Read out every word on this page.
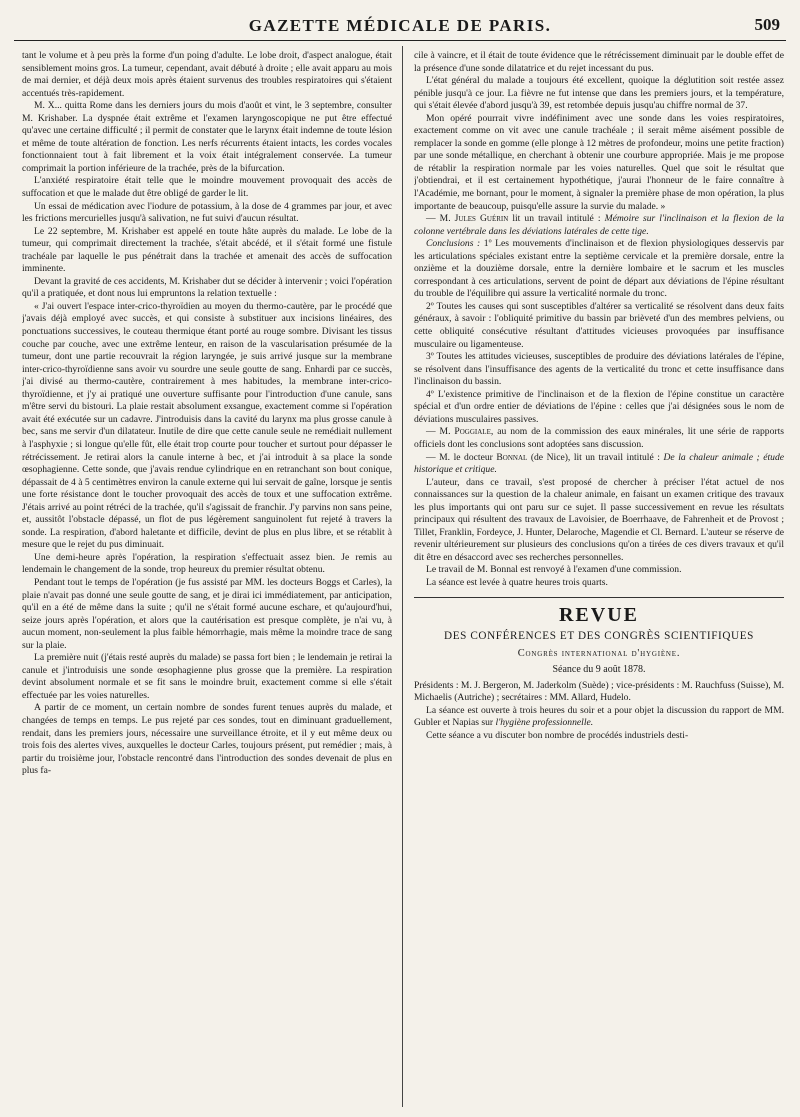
GAZETTE MÉDICALE DE PARIS.	509

tant le volume et à peu près la forme d'un poing d'adulte. Le lobe droit, d'aspect analogue, était sensiblement moins gros. La tumeur, cependant, avait débuté à droite ; elle avait apparu au mois de mai dernier, et déjà deux mois après étaient survenus des troubles respiratoires qui s'étaient accentués très-rapidement.

M. X... quitta Rome dans les derniers jours du mois d'août et vint, le 3 septembre, consulter M. Krishaber. La dyspnée était extrême et l'examen laryngoscopique ne put être effectué qu'avec une certaine difficulté ; il permit de constater que le larynx était indemne de toute lésion et même de toute altération de fonction. Les nerfs récurrents étaient intacts, les cordes vocales fonctionnaient tout à fait librement et la voix était intégralement conservée. La tumeur comprimait la portion inférieure de la trachée, près de la bifurcation.

L'anxiété respiratoire était telle que le moindre mouvement provoquait des accès de suffocation et que le malade dut être obligé de garder le lit.

Un essai de médication avec l'iodure de potassium, à la dose de 4 grammes par jour, et avec les frictions mercurielles jusqu'à salivation, ne fut suivi d'aucun résultat.

Le 22 septembre, M. Krishaber est appelé en toute hâte auprès du malade. Le lobe de la tumeur, qui comprimait directement la trachée, s'était abcédé, et il s'était formé une fistule trachéale par laquelle le pus pénétrait dans la trachée et amenait des accès de suffocation imminente.

Devant la gravité de ces accidents, M. Krishaber dut se décider à intervenir ; voici l'opération qu'il a pratiquée, et dont nous lui empruntons la relation textuelle :

« J'ai ouvert l'espace inter-crico-thyroïdien au moyen du thermo-cautère, par le procédé que j'avais déjà employé avec succès, et qui consiste à substituer aux incisions linéaires, des ponctuations successives, le couteau thermique étant porté au rouge sombre. Divisant les tissus couche par couche, avec une extrême lenteur, en raison de la vascularisation présumée de la tumeur, dont une partie recouvrait la région laryngée, je suis arrivé jusque sur la membrane inter-crico-thyroïdienne sans avoir vu sourdre une seule goutte de sang. Enhardi par ce succès, j'ai divisé au thermo-cautère, contrairement à mes habitudes, la membrane inter-crico-thyroïdienne, et j'y ai pratiqué une ouverture suffisante pour l'introduction d'une canule, sans m'être servi du bistouri. La plaie restait absolument exsangue, exactement comme si l'opération avait été exécutée sur un cadavre. J'introduisis dans la cavité du larynx ma plus grosse canule à bec, sans me servir d'un dilatateur. Inutile de dire que cette canule seule ne remédiait nullement à l'asphyxie ; si longue qu'elle fût, elle était trop courte pour toucher et surtout pour dépasser le rétrécissement. Je retirai alors la canule interne à bec, et j'ai introduit à sa place la sonde œsophagienne. Cette sonde, que j'avais rendue cylindrique en en retranchant son bout conique, dépassait de 4 à 5 centimètres environ la canule externe qui lui servait de gaîne, lorsque je sentis une forte résistance dont le toucher provoquait des accès de toux et une suffocation extrême. J'étais arrivé au point rétréci de la trachée, qu'il s'agissait de franchir. J'y parvins non sans peine, et, aussitôt l'obstacle dépassé, un flot de pus légèrement sanguinolent fut rejeté à travers la sonde. La respiration, d'abord haletante et difficile, devint de plus en plus libre, et se rétablit à mesure que le rejet du pus diminuait.

Une demi-heure après l'opération, la respiration s'effectuait assez bien. Je remis au lendemain le changement de la sonde, trop heureux du premier résultat obtenu.

Pendant tout le temps de l'opération (je fus assisté par MM. les docteurs Boggs et Carles), la plaie n'avait pas donné une seule goutte de sang, et je dirai ici immédiatement, par anticipation, qu'il en a été de même dans la suite ; qu'il ne s'était formé aucune eschare, et qu'aujourd'hui, seize jours après l'opération, et alors que la cautérisation est presque complète, je n'ai vu, à aucun moment, non-seulement la plus faible hémorrhagie, mais même la moindre trace de sang sur la plaie.

La première nuit (j'étais resté auprès du malade) se passa fort bien ; le lendemain je retirai la canule et j'introduisis une sonde œsophagienne plus grosse que la première. La respiration devint absolument normale et se fit sans le moindre bruit, exactement comme si elle s'était effectuée par les voies naturelles.

A partir de ce moment, un certain nombre de sondes furent tenues auprès du malade, et changées de temps en temps. Le pus rejeté par ces sondes, tout en diminuant graduellement, rendait, dans les premiers jours, nécessaire une surveillance étroite, et il y eut même deux ou trois fois des alertes vives, auxquelles le docteur Carles, toujours présent, put remédier ; mais, à partir du troisième jour, l'obstacle rencontré dans l'introduction des sondes devenait de plus en plus fa-

cile à vaincre, et il était de toute évidence que le rétrécissement diminuait par le double effet de la présence d'une sonde dilatatrice et du rejet incessant du pus.

L'état général du malade a toujours été excellent, quoique la déglutition soit restée assez pénible jusqu'à ce jour. La fièvre ne fut intense que dans les premiers jours, et la température, qui s'était élevée d'abord jusqu'à 39, est retombée depuis jusqu'au chiffre normal de 37.

Mon opéré pourrait vivre indéfiniment avec une sonde dans les voies respiratoires, exactement comme on vit avec une canule trachéale ; il serait même aisément possible de remplacer la sonde en gomme (elle plonge à 12 mètres de profondeur, moins une petite fraction) par une sonde métallique, en cherchant à obtenir une courbure appropriée. Mais je me propose de rétablir la respiration normale par les voies naturelles. Quel que soit le résultat que j'obtiendrai, et il est certainement hypothétique, j'aurai l'honneur de le faire connaître à l'Académie, me bornant, pour le moment, à signaler la première phase de mon opération, la plus importante de beaucoup, puisqu'elle assure la survie du malade. »

— M. Jules Guérin lit un travail intitulé : Mémoire sur l'inclinaison et la flexion de la colonne vertébrale dans les déviations latérales de cette tige.

Conclusions : 1º Les mouvements d'inclinaison et de flexion physiologiques desservis par les articulations spéciales existant entre la septième cervicale et la première dorsale, entre la onzième et la douzième dorsale, entre la dernière lombaire et le sacrum et les muscles correspondant à ces articulations, servent de point de départ aux déviations de l'épine résultant du trouble de l'équilibre qui assure la verticalité normale du tronc.

2º Toutes les causes qui sont susceptibles d'altérer sa verticalité se résolvent dans deux faits généraux, à savoir : l'obliquité primitive du bassin par brièveté d'un des membres pelviens, ou cette obliquité consécutive résultant d'attitudes vicieuses provoquées par insuffisance musculaire ou ligamenteuse.

3º Toutes les attitudes vicieuses, susceptibles de produire des déviations latérales de l'épine, se résolvent dans l'insuffisance des agents de la verticalité du tronc et cette insuffisance dans l'inclinaison du bassin.

4º L'existence primitive de l'inclinaison et de la flexion de l'épine constitue un caractère spécial et d'un ordre entier de déviations de l'épine : celles que j'ai désignées sous le nom de déviations musculaires passives.

— M. Poggiale, au nom de la commission des eaux minérales, lit une série de rapports officiels dont les conclusions sont adoptées sans discussion.

— M. le docteur Bonnal (de Nice), lit un travail intitulé : De la chaleur animale ; étude historique et critique.

L'auteur, dans ce travail, s'est proposé de chercher à préciser l'état actuel de nos connaissances sur la question de la chaleur animale, en faisant un examen critique des travaux les plus importants qui ont paru sur ce sujet. Il passe successivement en revue les résultats principaux qui résultent des travaux de Lavoisier, de Boerrhaave, de Fahrenheit et de Provost ; Tillet, Franklin, Fordeyce, J. Hunter, Delaroche, Magendie et Cl. Bernard. L'auteur se réserve de revenir ultérieurement sur plusieurs des conclusions qu'on a tirées de ces divers travaux et qu'il dit être en désaccord avec ses recherches personnelles.

Le travail de M. Bonnal est renvoyé à l'examen d'une commission.

La séance est levée à quatre heures trois quarts.

REVUE
DES CONFÉRENCES ET DES CONGRÈS SCIENTIFIQUES
Congrès international d'hygiène.
Séance du 9 août 1878.

Présidents : M. J. Bergeron, M. Jaderkolm (Suède) ; vice-présidents : M. Rauchfuss (Suisse), M. Michaelis (Autriche) ; secrétaires : MM. Allard, Hudelo.

La séance est ouverte à trois heures du soir et a pour objet la discussion du rapport de MM. Gubler et Napias sur l'hygiène professionnelle.

Cette séance a vu discuter bon nombre de procédés industriels desti-
